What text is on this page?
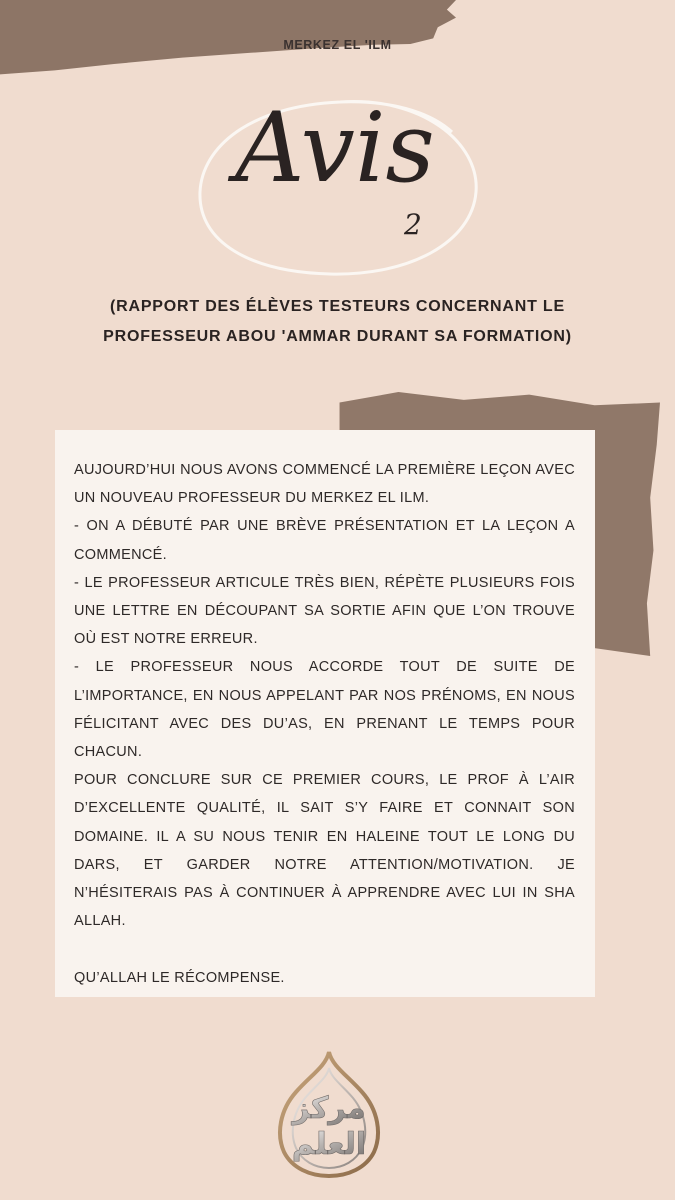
MERKEZ EL 'ILM
Avis
2
(RAPPORT DES ÉLÈVES TESTEURS CONCERNANT LE
PROFESSEUR ABOU 'AMMAR DURANT SA FORMATION)
AUJOURD’HUI NOUS AVONS COMMENCÉ LA PREMIÈRE LEÇON AVEC UN NOUVEAU PROFESSEUR DU MERKEZ EL ILM.
- ON A DÉBUTÉ PAR UNE BRÈVE PRÉSENTATION ET LA LEÇON A COMMENCÉ.
- LE PROFESSEUR ARTICULE TRÈS BIEN, RÉPÈTE PLUSIEURS FOIS UNE LETTRE EN DÉCOUPANT SA SORTIE AFIN QUE L’ON TROUVE OÙ EST NOTRE ERREUR.
- LE PROFESSEUR NOUS ACCORDE TOUT DE SUITE DE L’IMPORTANCE, EN NOUS APPELANT PAR NOS PRÉNOMS, EN NOUS FÉLICITANT AVEC DES DU’AS, EN PRENANT LE TEMPS POUR CHACUN.
POUR CONCLURE SUR CE PREMIER COURS, LE PROF À L’AIR D’EXCELLENTE QUALITÉ, IL SAIT S’Y FAIRE ET CONNAIT SON DOMAINE. IL A SU NOUS TENIR EN HALEINE TOUT LE LONG DU DARS, ET GARDER NOTRE ATTENTION/MOTIVATION. JE N’HÉSITERAIS PAS À CONTINUER À APPRENDRE AVEC LUI IN SHA ALLAH.

QU’ALLAH LE RÉCOMPENSE.
مركز
العلم
